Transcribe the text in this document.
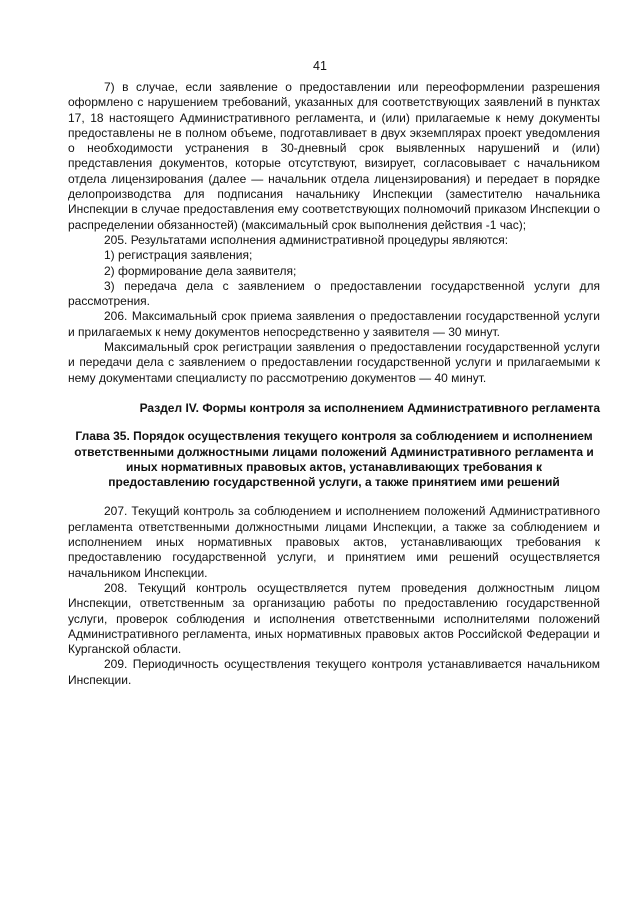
41

7) в случае, если заявление о предоставлении или переоформлении разрешения оформлено с нарушением требований, указанных для соответствующих заявлений в пунктах 17, 18 настоящего Административного регламента, и (или) прилагаемые к нему документы предоставлены не в полном объеме, подготавливает в двух экземплярах проект уведомления о необходимости устранения в 30-дневный срок выявленных нарушений и (или) представления документов, которые отсутствуют, визирует, согласовывает с начальником отдела лицензирования (далее — начальник отдела лицензирования) и передает в порядке делопроизводства для подписания начальнику Инспекции (заместителю начальника Инспекции в случае предоставления ему соответствующих полномочий приказом Инспекции о распределении обязанностей) (максимальный срок выполнения действия -1 час);

205. Результатами исполнения административной процедуры являются:

1) регистрация заявления;

2) формирование дела заявителя;

3) передача дела с заявлением о предоставлении государственной услуги для рассмотрения.

206. Максимальный срок приема заявления о предоставлении государственной услуги и прилагаемых к нему документов непосредственно у заявителя — 30 минут.

Максимальный срок регистрации заявления о предоставлении государственной услуги и передачи дела с заявлением о предоставлении государственной услуги и прилагаемыми к нему документами специалисту по рассмотрению документов — 40 минут.

Раздел IV. Формы контроля за исполнением Административного регламента

Глава 35. Порядок осуществления текущего контроля за соблюдением и исполнением ответственными должностными лицами положений Административного регламента и иных нормативных правовых актов, устанавливающих требования к предоставлению государственной услуги, а также принятием ими решений

207. Текущий контроль за соблюдением и исполнением положений Административного регламента ответственными должностными лицами Инспекции, а также за соблюдением и исполнением иных нормативных правовых актов, устанавливающих требования к предоставлению государственной услуги, и принятием ими решений осуществляется начальником Инспекции.

208. Текущий контроль осуществляется путем проведения должностным лицом Инспекции, ответственным за организацию работы по предоставлению государственной услуги, проверок соблюдения и исполнения ответственными исполнителями положений Административного регламента, иных нормативных правовых актов Российской Федерации и Курганской области.

209. Периодичность осуществления текущего контроля устанавливается начальником Инспекции.
